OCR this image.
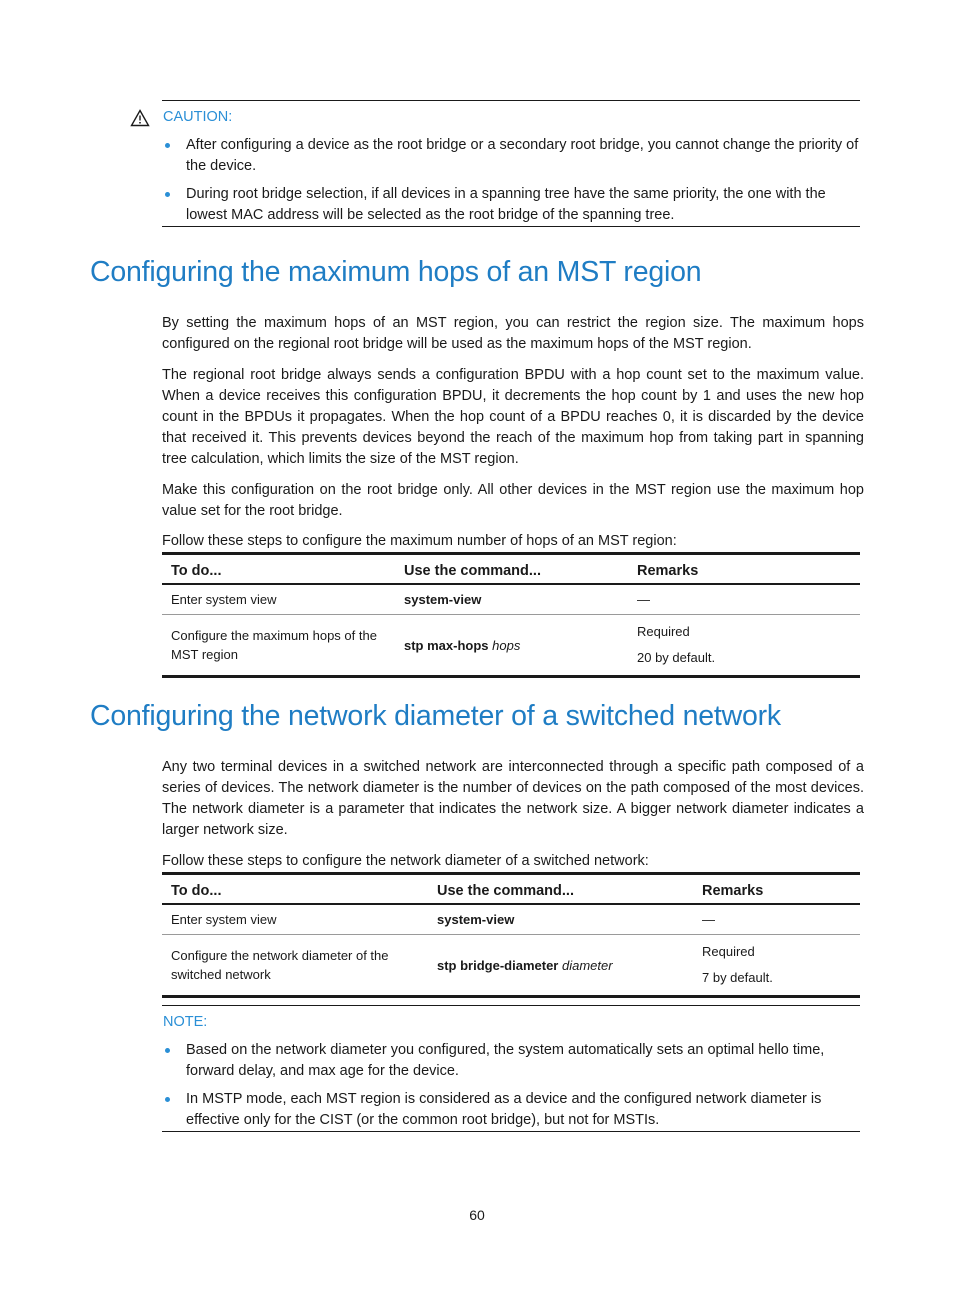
CAUTION:
After configuring a device as the root bridge or a secondary root bridge, you cannot change the priority of the device.
During root bridge selection, if all devices in a spanning tree have the same priority, the one with the lowest MAC address will be selected as the root bridge of the spanning tree.
Configuring the maximum hops of an MST region

By setting the maximum hops of an MST region, you can restrict the region size. The maximum hops configured on the regional root bridge will be used as the maximum hops of the MST region.

The regional root bridge always sends a configuration BPDU with a hop count set to the maximum value. When a device receives this configuration BPDU, it decrements the hop count by 1 and uses the new hop count in the BPDUs it propagates. When the hop count of a BPDU reaches 0, it is discarded by the device that received it. This prevents devices beyond the reach of the maximum hop from taking part in spanning tree calculation, which limits the size of the MST region.

Make this configuration on the root bridge only. All other devices in the MST region use the maximum hop value set for the root bridge.

Follow these steps to configure the maximum number of hops of an MST region:

To do...	Use the command...	Remarks
Enter system view	system-view	—
Configure the maximum hops of the MST region	stp max-hops hops	Required
20 by default.
Configuring the network diameter of a switched network

Any two terminal devices in a switched network are interconnected through a specific path composed of a series of devices. The network diameter is the number of devices on the path composed of the most devices. The network diameter is a parameter that indicates the network size. A bigger network diameter indicates a larger network size.

Follow these steps to configure the network diameter of a switched network:

To do...	Use the command...	Remarks
Enter system view	system-view	—
Configure the network diameter of the switched network	stp bridge-diameter diameter	Required
7 by default.
NOTE:
Based on the network diameter you configured, the system automatically sets an optimal hello time, forward delay, and max age for the device.
In MSTP mode, each MST region is considered as a device and the configured network diameter is effective only for the CIST (or the common root bridge), but not for MSTIs.
60
